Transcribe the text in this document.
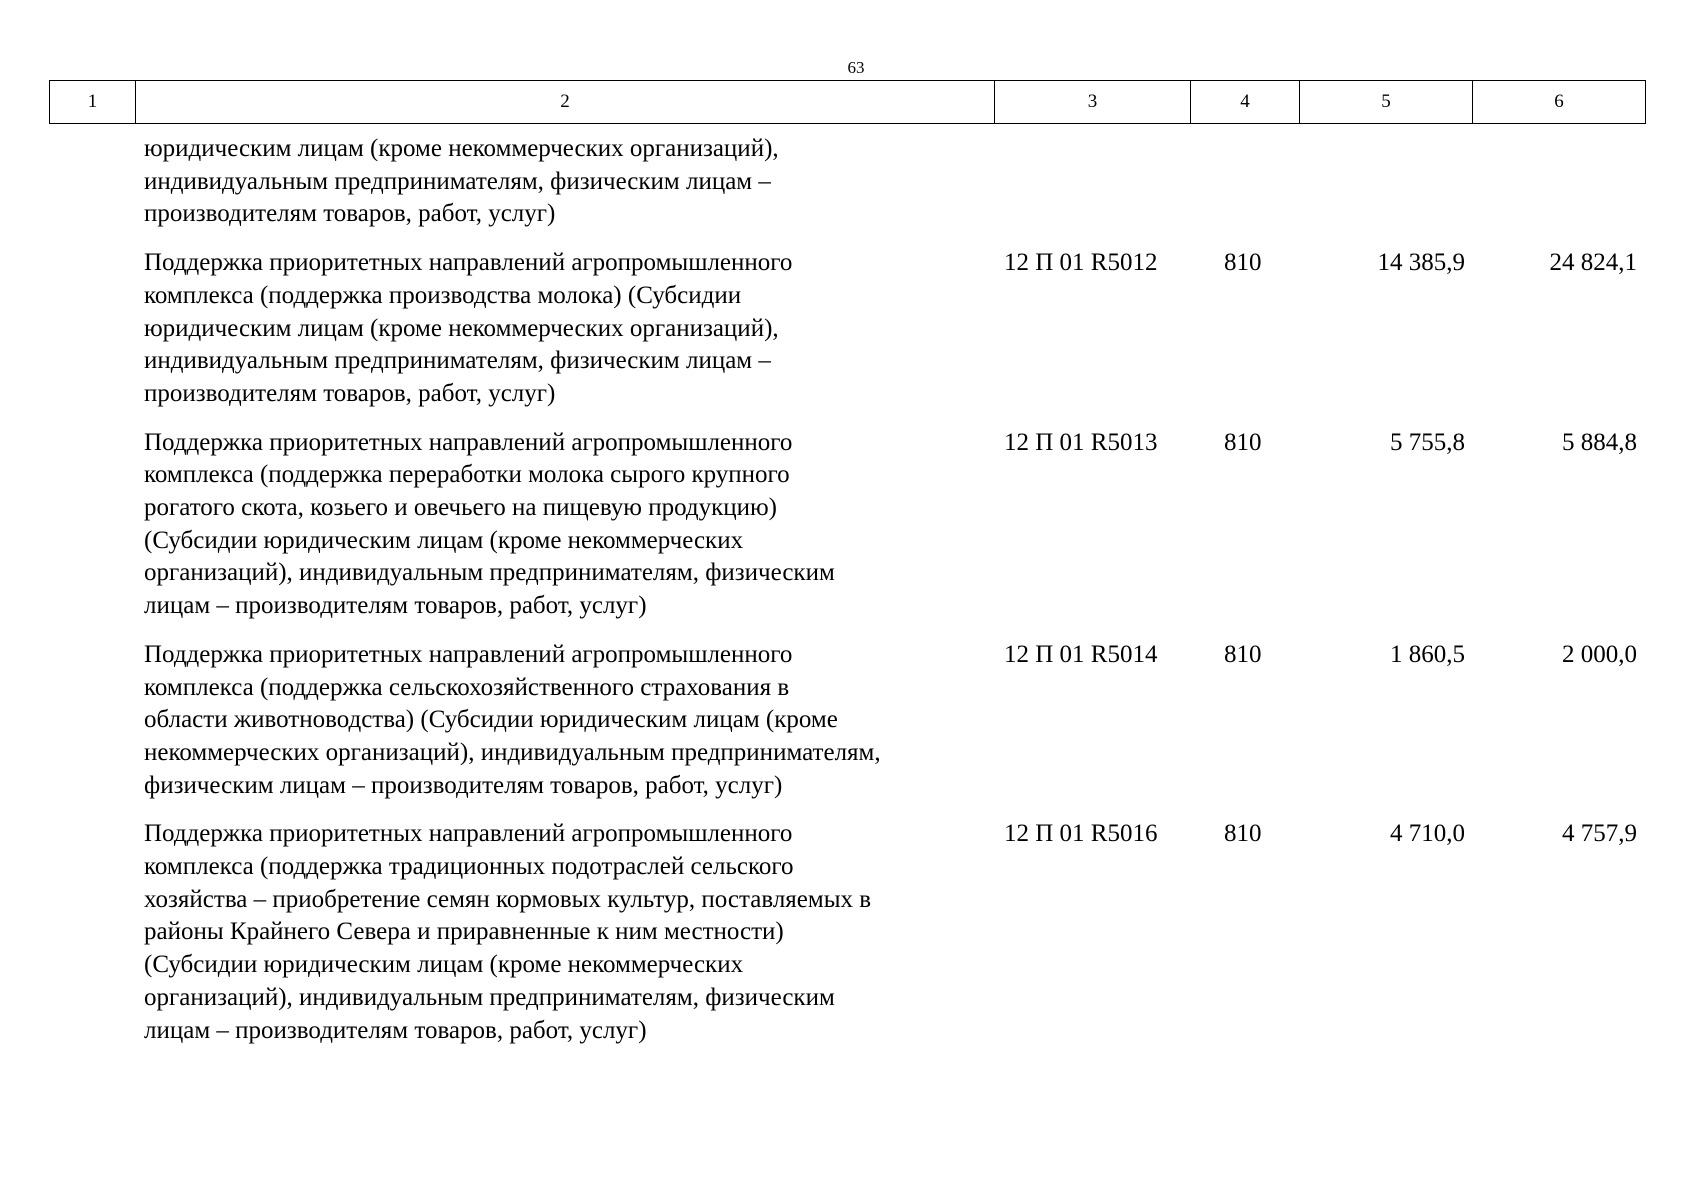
63
1	2	3	4	5	6
юридическим лицам (кроме некоммерческих организаций),
индивидуальным предпринимателям, физическим лицам –
производителям товаров, работ, услуг)
Поддержка приоритетных направлений агропромышленного
комплекса (поддержка производства молока) (Субсидии
юридическим лицам (кроме некоммерческих организаций),
индивидуальным предпринимателям, физическим лицам –
производителям товаров, работ, услуг)
12 П 01 R5012	810	14 385,9	24 824,1
Поддержка приоритетных направлений агропромышленного
комплекса (поддержка переработки молока сырого крупного
рогатого скота, козьего и овечьего на пищевую продукцию)
(Субсидии юридическим лицам (кроме некоммерческих
организаций), индивидуальным предпринимателям, физическим
лицам – производителям товаров, работ, услуг)
12 П 01 R5013	810	5 755,8	5 884,8
Поддержка приоритетных направлений агропромышленного
комплекса (поддержка сельскохозяйственного страхования в
области животноводства) (Субсидии юридическим лицам (кроме
некоммерческих организаций), индивидуальным предпринимателям,
физическим лицам – производителям товаров, работ, услуг)
12 П 01 R5014	810	1 860,5	2 000,0
Поддержка приоритетных направлений агропромышленного
комплекса (поддержка традиционных подотраслей сельского
хозяйства – приобретение семян кормовых культур, поставляемых в
районы Крайнего Севера и приравненные к ним местности)
(Субсидии юридическим лицам (кроме некоммерческих
организаций), индивидуальным предпринимателям, физическим
лицам – производителям товаров, работ, услуг)
12 П 01 R5016	810	4 710,0	4 757,9
